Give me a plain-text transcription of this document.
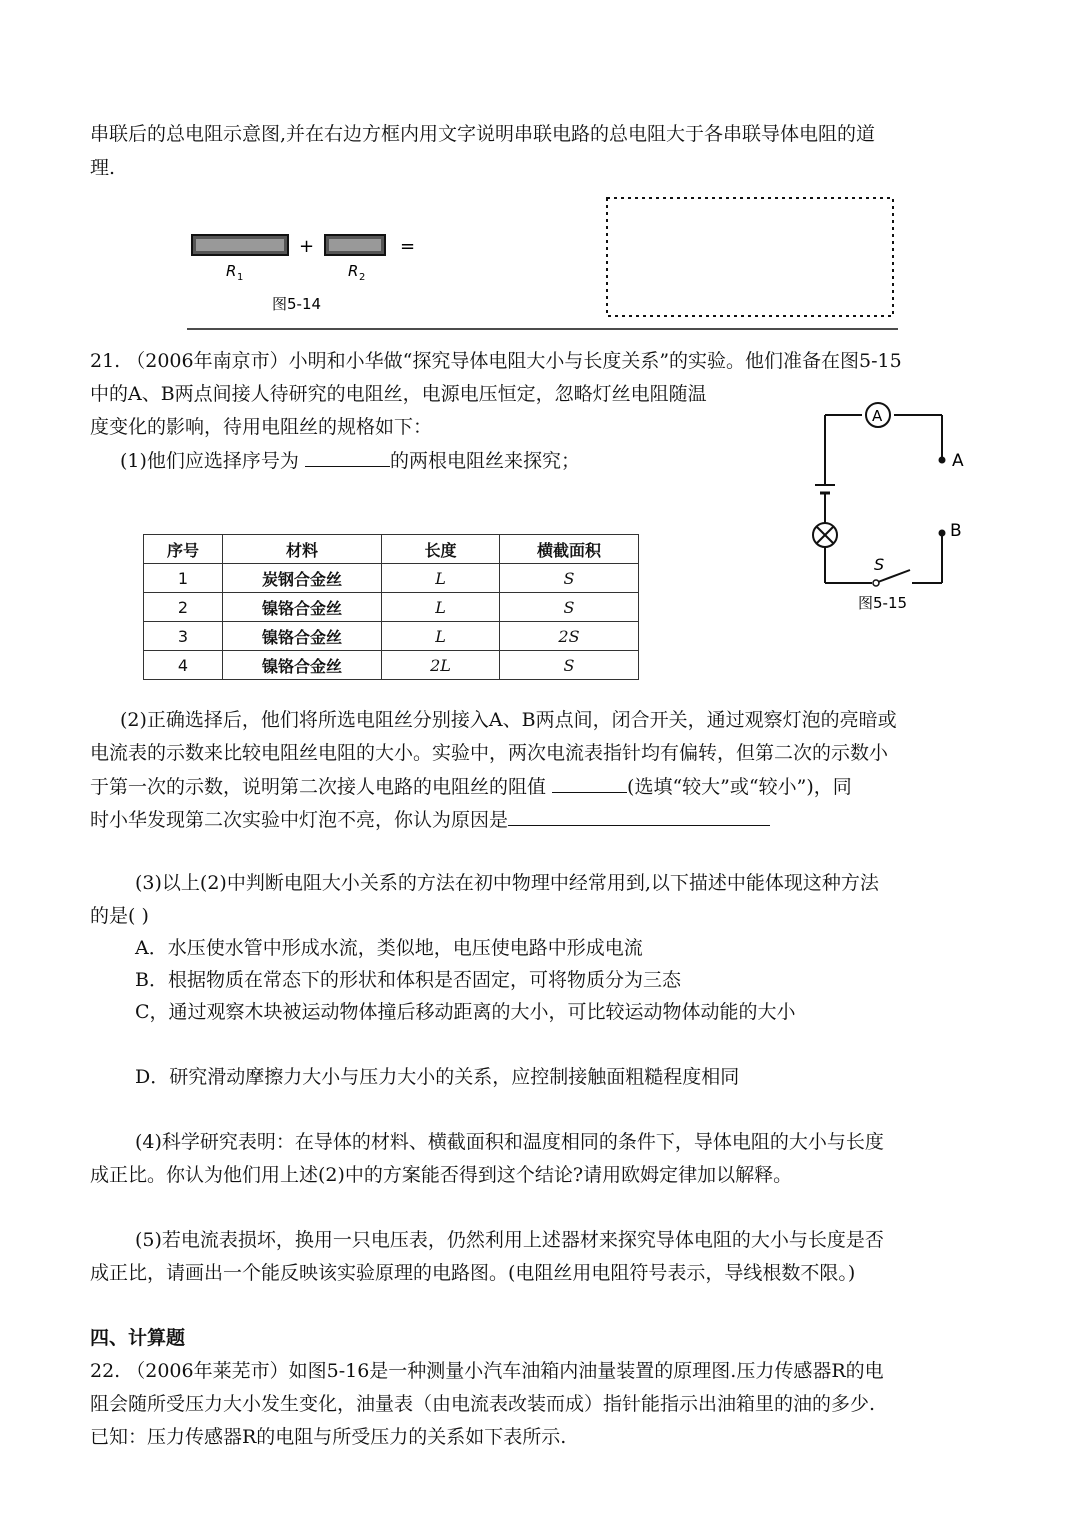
串联后的总电阻示意图,并在右边方框内用文字说明串联电路的总电阻大于各串联导体电阻的道
理.
+	=
R 1	R 2
图5-14
21. （2006年南京市）小明和小华做“探究导体电阻大小与长度关系”的实验。他们准备在图5-15
中的A、B两点间接人待研究的电阻丝，电源电压恒定，忽略灯丝电阻随温
度变化的影响，待用电阻丝的规格如下：
(1)他们应选择序号为	的两根电阻丝来探究；	A
A
S
B
图5-15
序号	材料	长度	横截面积
1	炭钢合金丝	L	S
2	镍铬合金丝	L	S
3	镍铬合金丝	L	2S
4	镍铬合金丝	2L	S
(2)正确选择后，他们将所选电阻丝分别接入A、B两点间，闭合开关，通过观察灯泡的亮暗或
电流表的示数来比较电阻丝电阻的大小。实验中，两次电流表指针均有偏转，但第二次的示数小
于第一次的示数，说明第二次接人电路的电阻丝的阻值	(选填“较大”或“较小”)，同
时小华发现第二次实验中灯泡不亮，你认为原因是
(3)以上(2)中判断电阻大小关系的方法在初中物理中经常用到,以下描述中能体现这种方法
的是( )
A．水压使水管中形成水流，类似地，电压使电路中形成电流
B．根据物质在常态下的形状和体积是否固定，可将物质分为三态
C，通过观察木块被运动物体撞后移动距离的大小，可比较运动物体动能的大小
D．研究滑动摩擦力大小与压力大小的关系，应控制接触面粗糙程度相同
(4)科学研究表明：在导体的材料、横截面积和温度相同的条件下，导体电阻的大小与长度
成正比。你认为他们用上述(2)中的方案能否得到这个结论?请用欧姆定律加以解释。
(5)若电流表损坏，换用一只电压表，仍然利用上述器材来探究导体电阻的大小与长度是否
成正比，请画出一个能反映该实验原理的电路图。(电阻丝用电阻符号表示，导线根数不限。)
四、计算题
22. （2006年莱芜市）如图5-16是一种测量小汽车油箱内油量装置的原理图.压力传感器R的电
阻会随所受压力大小发生变化，油量表（由电流表改装而成）指针能指示出油箱里的油的多少.
已知：压力传感器R的电阻与所受压力的关系如下表所示.
